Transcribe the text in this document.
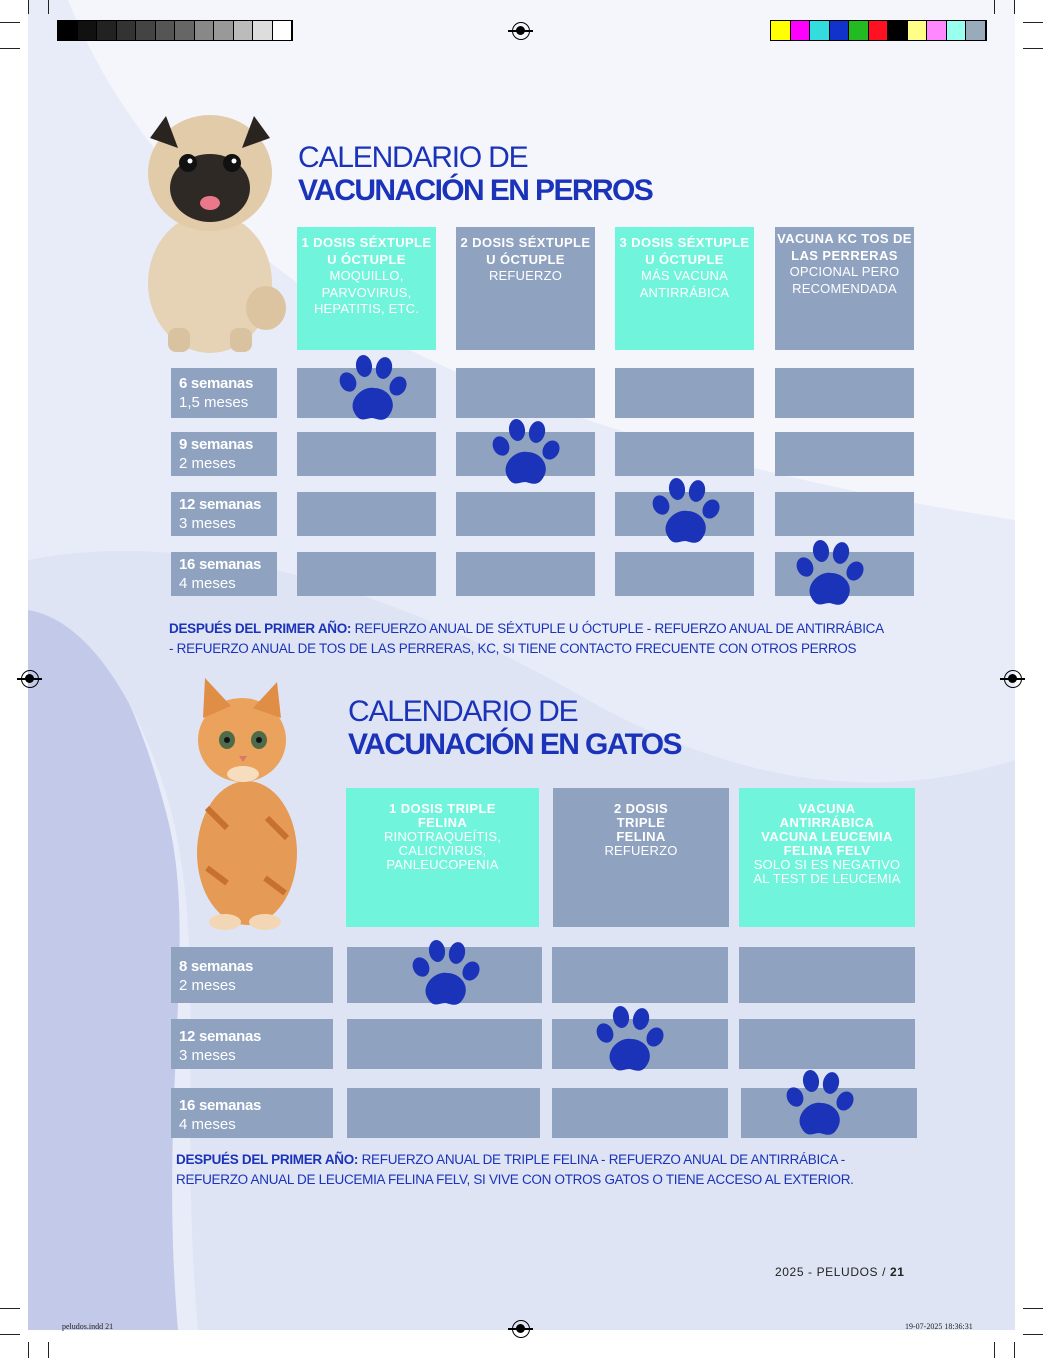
peludos.indd 21	19-07-2025 18:36:31
CALENDARIO DE
VACUNACIÓN EN PERROS
1 DOSIS SÉXTUPLE U ÓCTUPLE
MOQUILLO, PARVOVIRUS, HEPATITIS, ETC.
2 DOSIS SÉXTUPLE U ÓCTUPLE
REFUERZO
3 DOSIS SÉXTUPLE U ÓCTUPLE
MÁS VACUNA ANTIRRÁBICA
VACUNA KC TOS DE LAS PERRERAS
OPCIONAL PERO RECOMENDADA
6 semanas
1,5 meses
9 semanas
2 meses
12 semanas
3 meses
16 semanas
4 meses
DESPUÉS DEL PRIMER AÑO: REFUERZO ANUAL DE SÉXTUPLE U ÓCTUPLE - REFUERZO ANUAL DE ANTIRRÁBICA - REFUERZO ANUAL DE TOS DE LAS PERRERAS, KC, SI TIENE CONTACTO FRECUENTE CON OTROS PERROS
CALENDARIO DE
VACUNACIÓN EN GATOS
1 DOSIS TRIPLE FELINA
RINOTRAQUEÍTIS, CALICIVIRUS, PANLEUCOPENIA
2 DOSIS TRIPLE FELINA
REFUERZO
VACUNA ANTIRRÁBICA VACUNA LEUCEMIA FELINA FELV
SOLO SI ES NEGATIVO AL TEST DE LEUCEMIA
8 semanas
2 meses
12 semanas
3 meses
16 semanas
4 meses
DESPUÉS DEL PRIMER AÑO: REFUERZO ANUAL DE TRIPLE FELINA - REFUERZO ANUAL DE ANTIRRÁBICA - REFUERZO ANUAL DE LEUCEMIA FELINA FELV, SI VIVE CON OTROS GATOS O TIENE ACCESO AL EXTERIOR.
2025 - PELUDOS / 21
